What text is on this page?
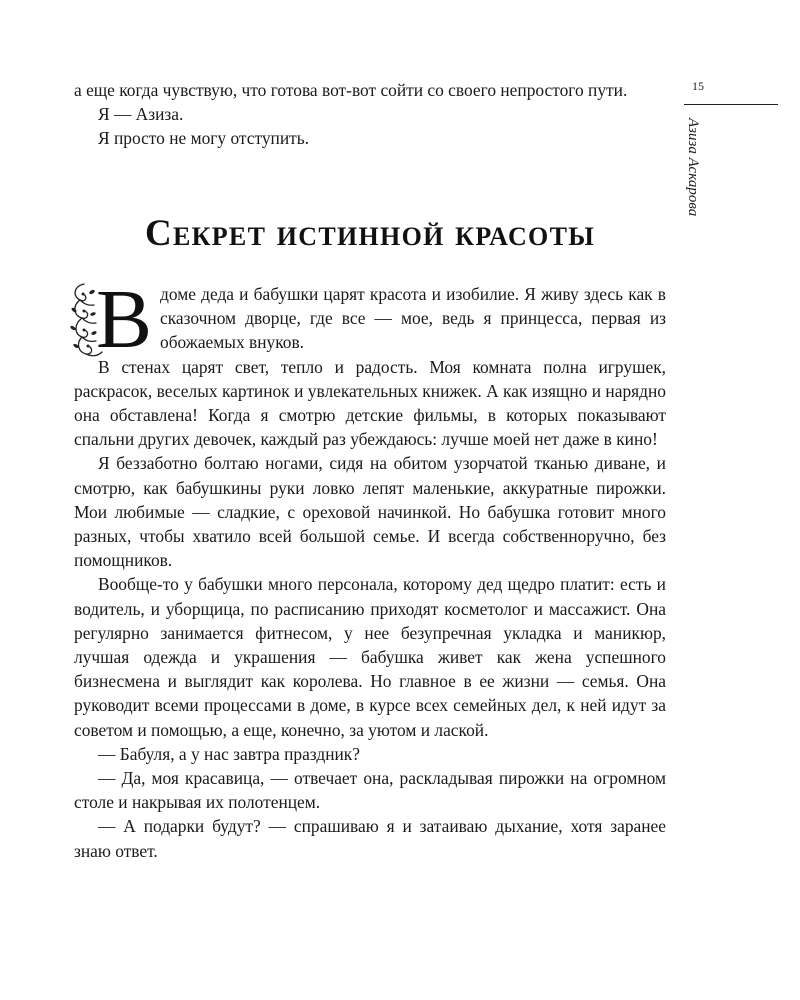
15
Азиза Аскарова

а еще когда чувствую, что готова вот-вот сойти со своего непростого пути.

Я — Азиза.

Я просто не могу отступить.

Секрет истинной красоты
В доме деда и бабушки царят красота и изобилие. Я живу здесь как в сказочном дворце, где все — мое, ведь я принцесса, первая из обожаемых внуков.

В стенах царят свет, тепло и радость. Моя комната полна игрушек, раскрасок, веселых картинок и увлекательных книжек. А как изящно и нарядно она обставлена! Когда я смотрю детские фильмы, в которых показывают спальни других девочек, каждый раз убеждаюсь: лучше моей нет даже в кино!

Я беззаботно болтаю ногами, сидя на обитом узорчатой тканью диване, и смотрю, как бабушкины руки ловко лепят маленькие, аккуратные пирожки. Мои любимые — сладкие, с ореховой начинкой. Но бабушка готовит много разных, чтобы хватило всей большой семье. И всегда собственноручно, без помощников.

Вообще-то у бабушки много персонала, которому дед щедро платит: есть и водитель, и уборщица, по расписанию приходят косметолог и массажист. Она регулярно занимается фитнесом, у нее безупречная укладка и маникюр, лучшая одежда и украшения — бабушка живет как жена успешного бизнесмена и выглядит как королева. Но главное в ее жизни — семья. Она руководит всеми процессами в доме, в курсе всех семейных дел, к ней идут за советом и помощью, а еще, конечно, за уютом и лаской.

— Бабуля, а у нас завтра праздник?

— Да, моя красавица, — отвечает она, раскладывая пирожки на огромном столе и накрывая их полотенцем.

— А подарки будут? — спрашиваю я и затаиваю дыхание, хотя заранее знаю ответ.
